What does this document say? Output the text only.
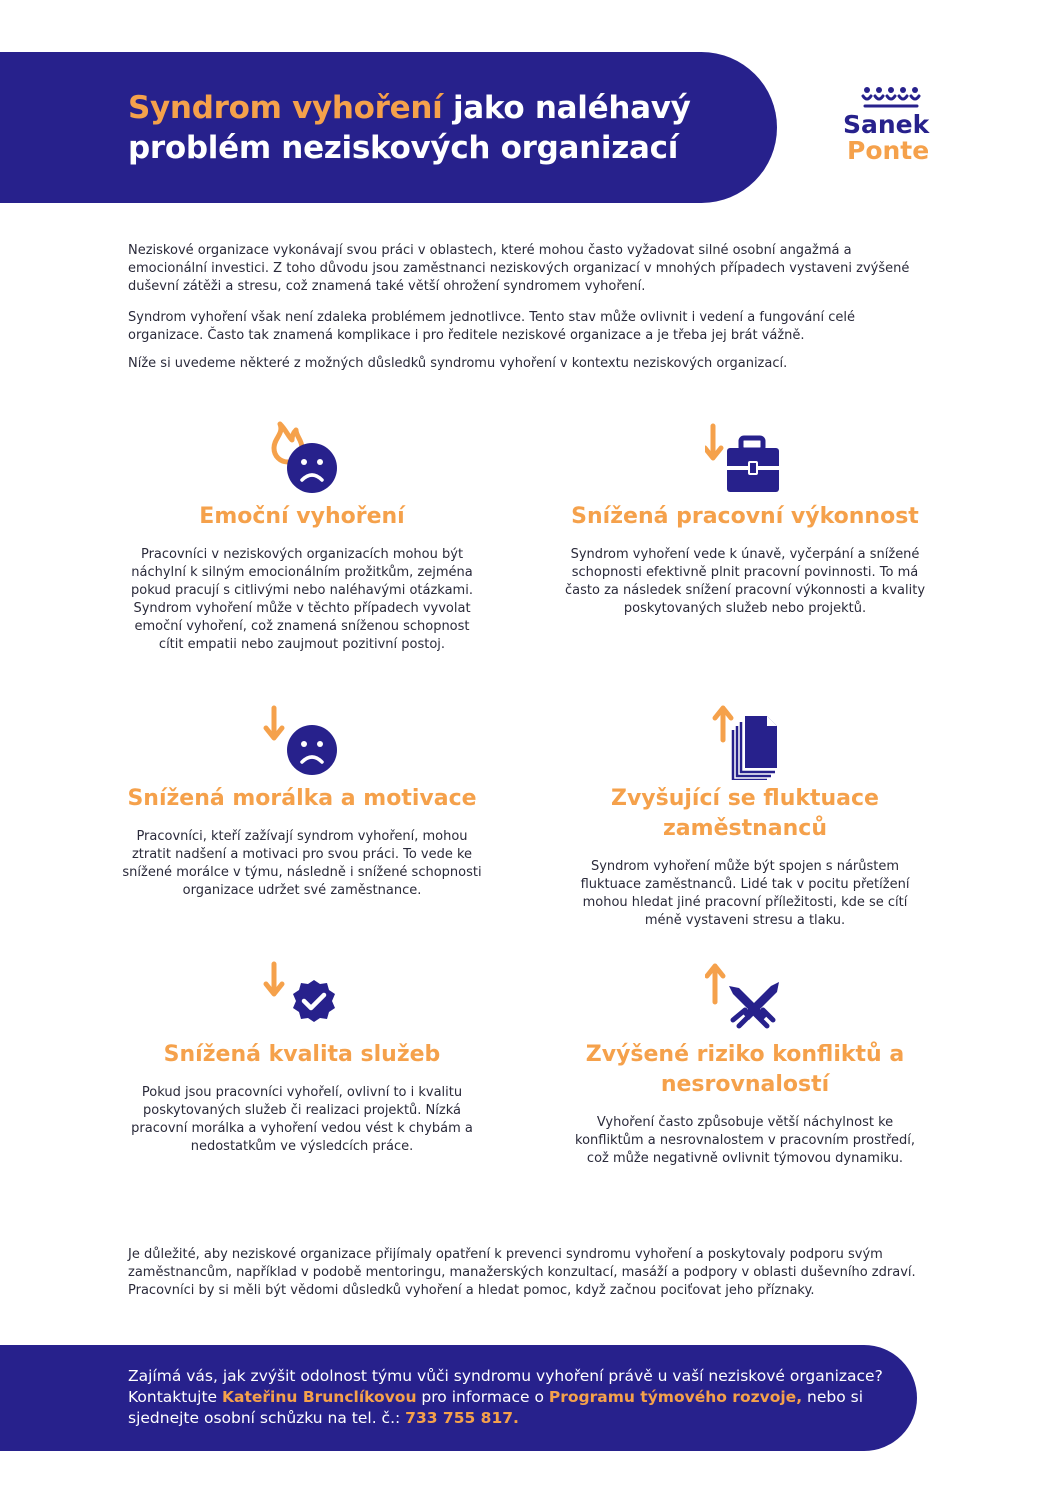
Syndrom vyhoření jako naléhavý problém neziskových organizací
Sanek
Ponte

Neziskové organizace vykonávají svou práci v oblastech, které mohou často vyžadovat silné osobní angažmá a emocionální investici. Z toho důvodu jsou zaměstnanci neziskových organizací v mnohých případech vystaveni zvýšené duševní zátěži a stresu, což znamená také větší ohrožení syndromem vyhoření.

Syndrom vyhoření však není zdaleka problémem jednotlivce. Tento stav může ovlivnit i vedení a fungování celé organizace. Často tak znamená komplikace i pro ředitele neziskové organizace a je třeba jej brát vážně.

Níže si uvedeme některé z možných důsledků syndromu vyhoření v kontextu neziskových organizací.

Emoční vyhoření

Pracovníci v neziskových organizacích mohou být náchylní k silným emocionálním prožitkům, zejména pokud pracují s citlivými nebo naléhavými otázkami. Syndrom vyhoření může v těchto případech vyvolat emoční vyhoření, což znamená sníženou schopnost cítit empatii nebo zaujmout pozitivní postoj.

Snížená pracovní výkonnost

Syndrom vyhoření vede k únavě, vyčerpání a snížené schopnosti efektivně plnit pracovní povinnosti. To má často za následek snížení pracovní výkonnosti a kvality poskytovaných služeb nebo projektů.

Snížená morálka a motivace

Pracovníci, kteří zažívají syndrom vyhoření, mohou ztratit nadšení a motivaci pro svou práci. To vede ke snížené morálce v týmu, následně i snížené schopnosti organizace udržet své zaměstnance.

Zvyšující se fluktuace zaměstnanců

Syndrom vyhoření může být spojen s nárůstem fluktuace zaměstnanců. Lidé tak v pocitu přetížení mohou hledat jiné pracovní příležitosti, kde se cítí méně vystaveni stresu a tlaku.

Snížená kvalita služeb

Pokud jsou pracovníci vyhořelí, ovlivní to i kvalitu poskytovaných služeb či realizaci projektů. Nízká pracovní morálka a vyhoření vedou vést k chybám a nedostatkům ve výsledcích práce.

Zvýšené riziko konfliktů a nesrovnalostí

Vyhoření často způsobuje větší náchylnost ke konfliktům a nesrovnalostem v pracovním prostředí, což může negativně ovlivnit týmovou dynamiku.

Je důležité, aby neziskové organizace přijímaly opatření k prevenci syndromu vyhoření a poskytovaly podporu svým zaměstnancům, například v podobě mentoringu, manažerských konzultací, masáží a podpory v oblasti duševního zdraví. Pracovníci by si měli být vědomi důsledků vyhoření a hledat pomoc, když začnou pociťovat jeho příznaky.

Zajímá vás, jak zvýšit odolnost týmu vůči syndromu vyhoření právě u vaší neziskové organizace? Kontaktujte Kateřinu Brunclíkovou pro informace o Programu týmového rozvoje, nebo si sjednejte osobní schůzku na tel. č.: 733 755 817.
